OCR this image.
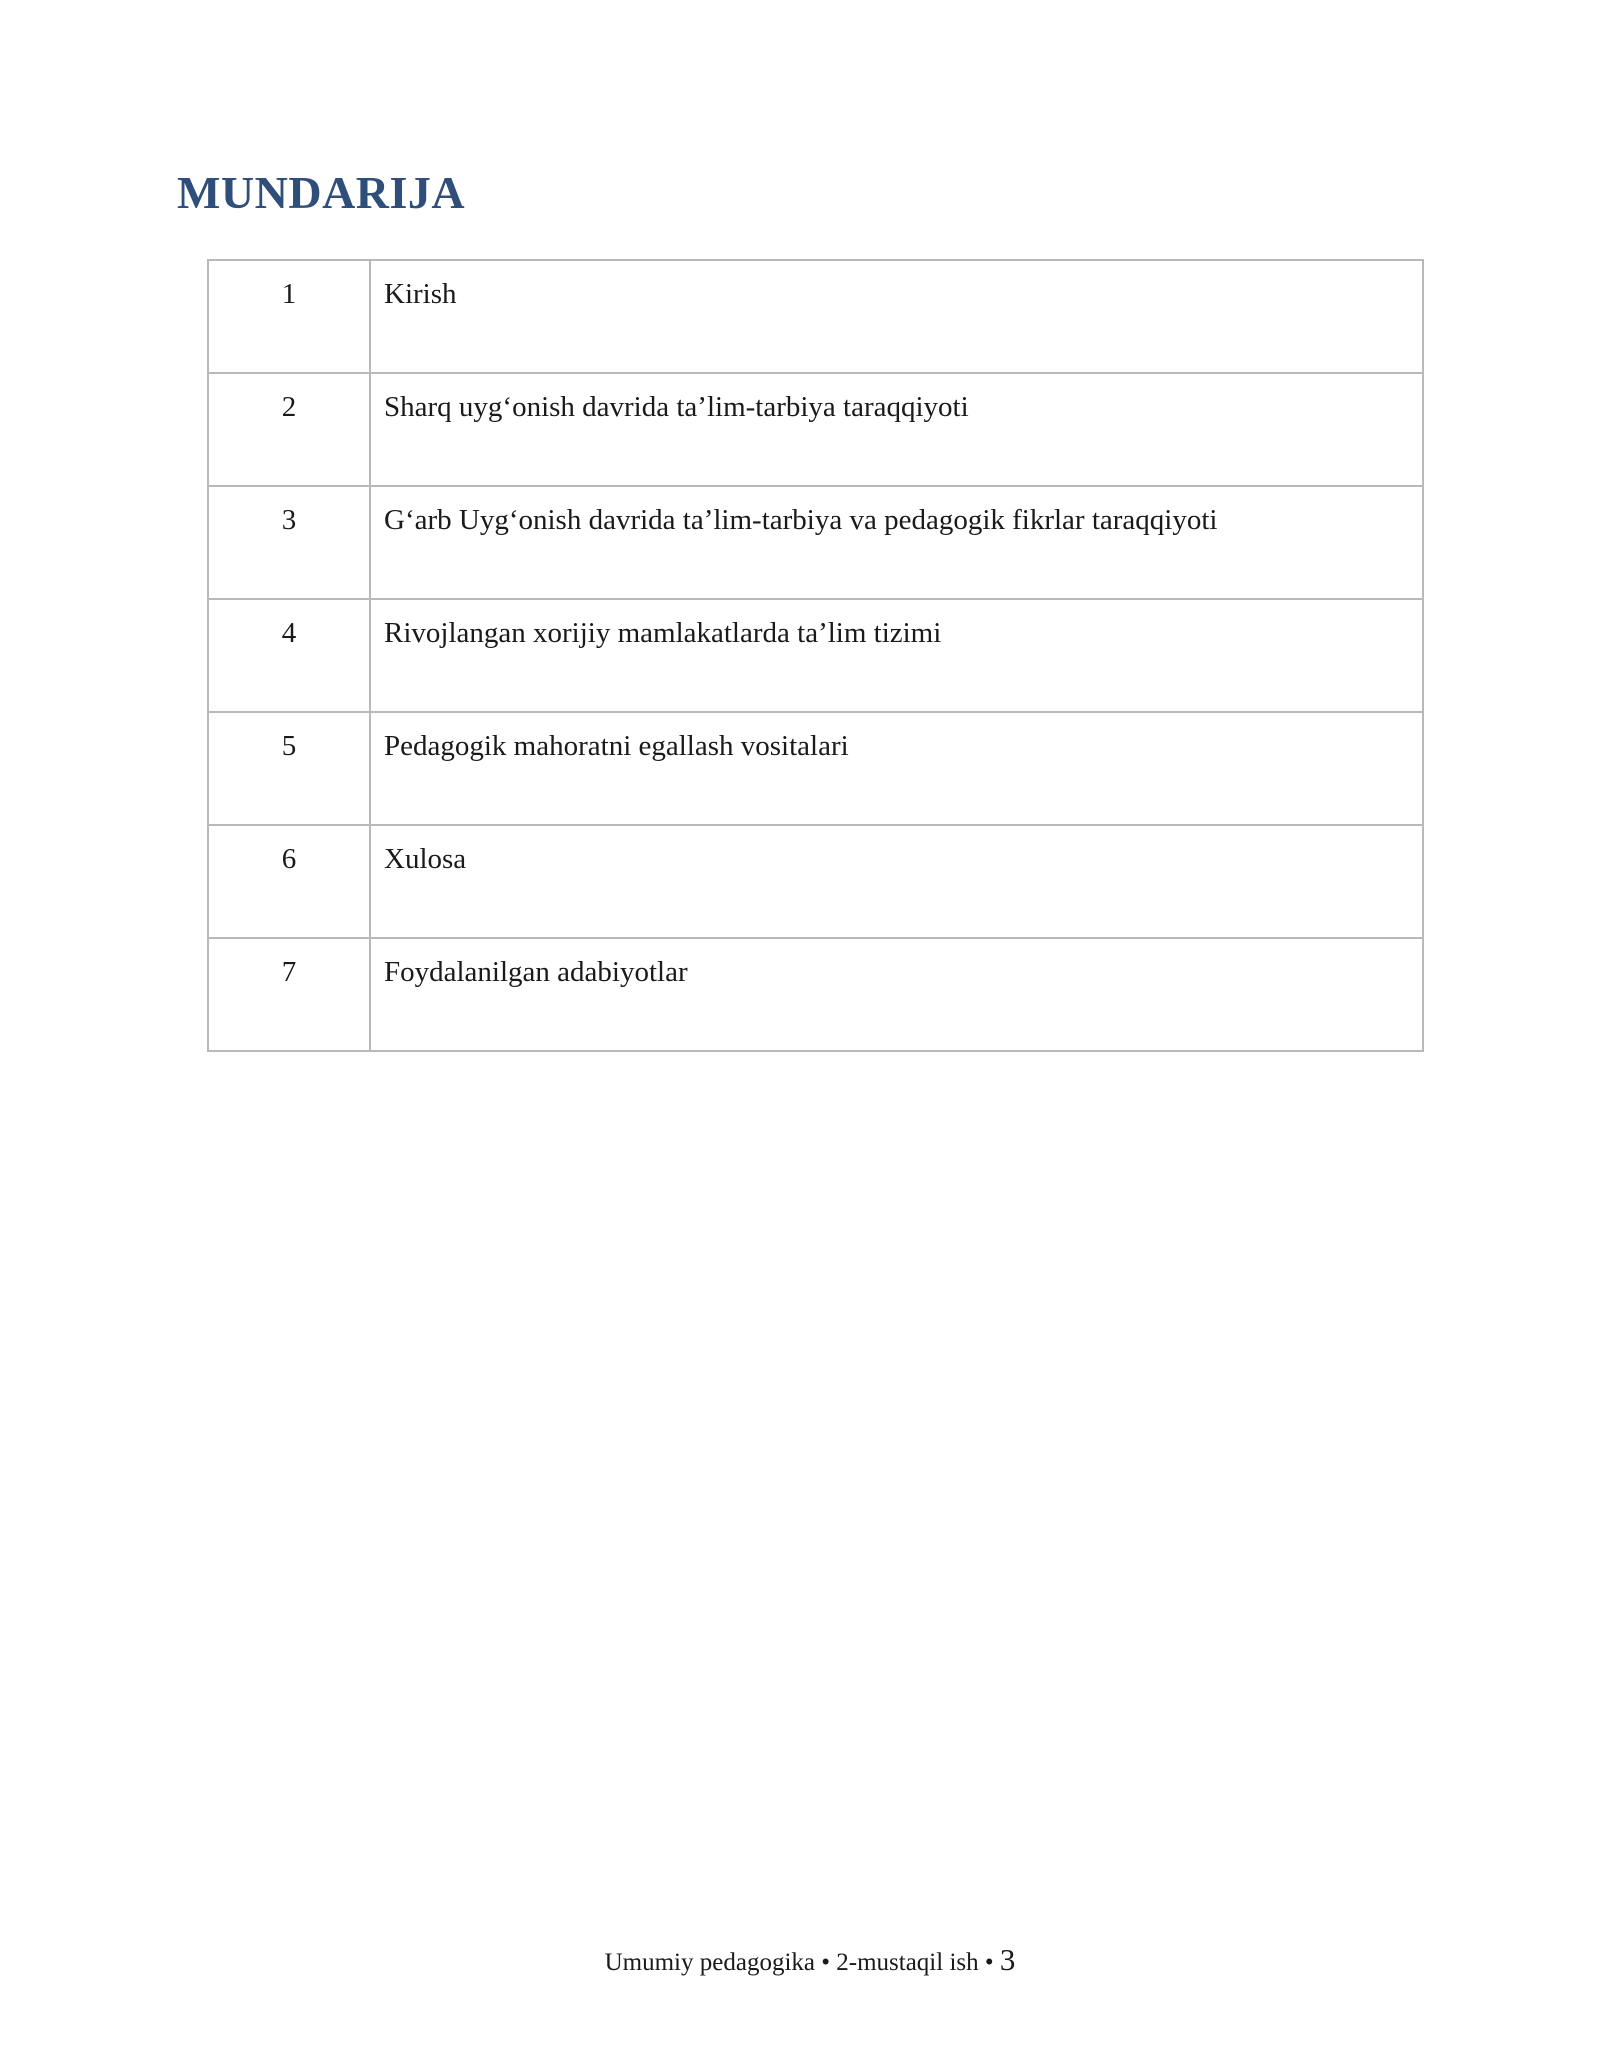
MUNDARIJA
1	Kirish
2	Sharq uyg‘onish davrida ta’lim-tarbiya taraqqiyoti
3	G‘arb Uyg‘onish davrida ta’lim-tarbiya va pedagogik fikrlar taraqqiyoti
4	Rivojlangan xorijiy mamlakatlarda ta’lim tizimi
5	Pedagogik mahoratni egallash vositalari
6	Xulosa
7	Foydalanilgan adabiyotlar
Umumiy pedagogika • 2-mustaqil ish • 3
